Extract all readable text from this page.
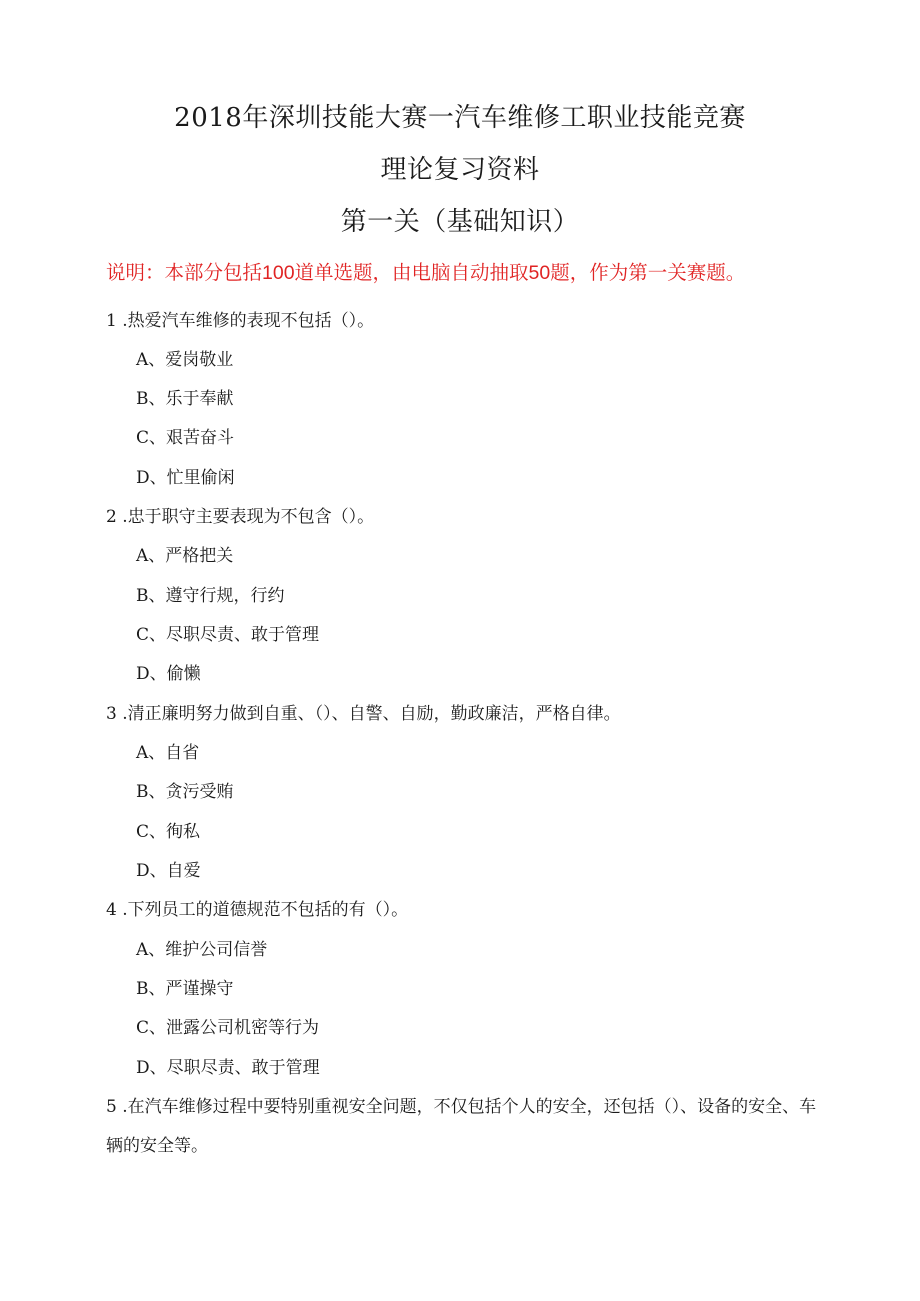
2018年深圳技能大赛一汽车维修工职业技能竞赛
理论复习资料
第一关（基础知识）
说明：本部分包括100道单选题，由电脑自动抽取50题，作为第一关赛题。
1 .热爱汽车维修的表现不包括（）。
A、爱岗敬业
B、乐于奉献
C、艰苦奋斗
D、忙里偷闲
2 .忠于职守主要表现为不包含（）。
A、严格把关
B、遵守行规，行约
C、尽职尽责、敢于管理
D、偷懒
3 .清正廉明努力做到自重、（）、自警、自励，勤政廉洁，严格自律。
A、自省
B、贪污受贿
C、徇私
D、自爱
4 .下列员工的道德规范不包括的有（）。
A、维护公司信誉
B、严谨操守
C、泄露公司机密等行为
D、尽职尽责、敢于管理
5 .在汽车维修过程中要特别重视安全问题，不仅包括个人的安全，还包括（）、设备的安全、车辆的安全等。
